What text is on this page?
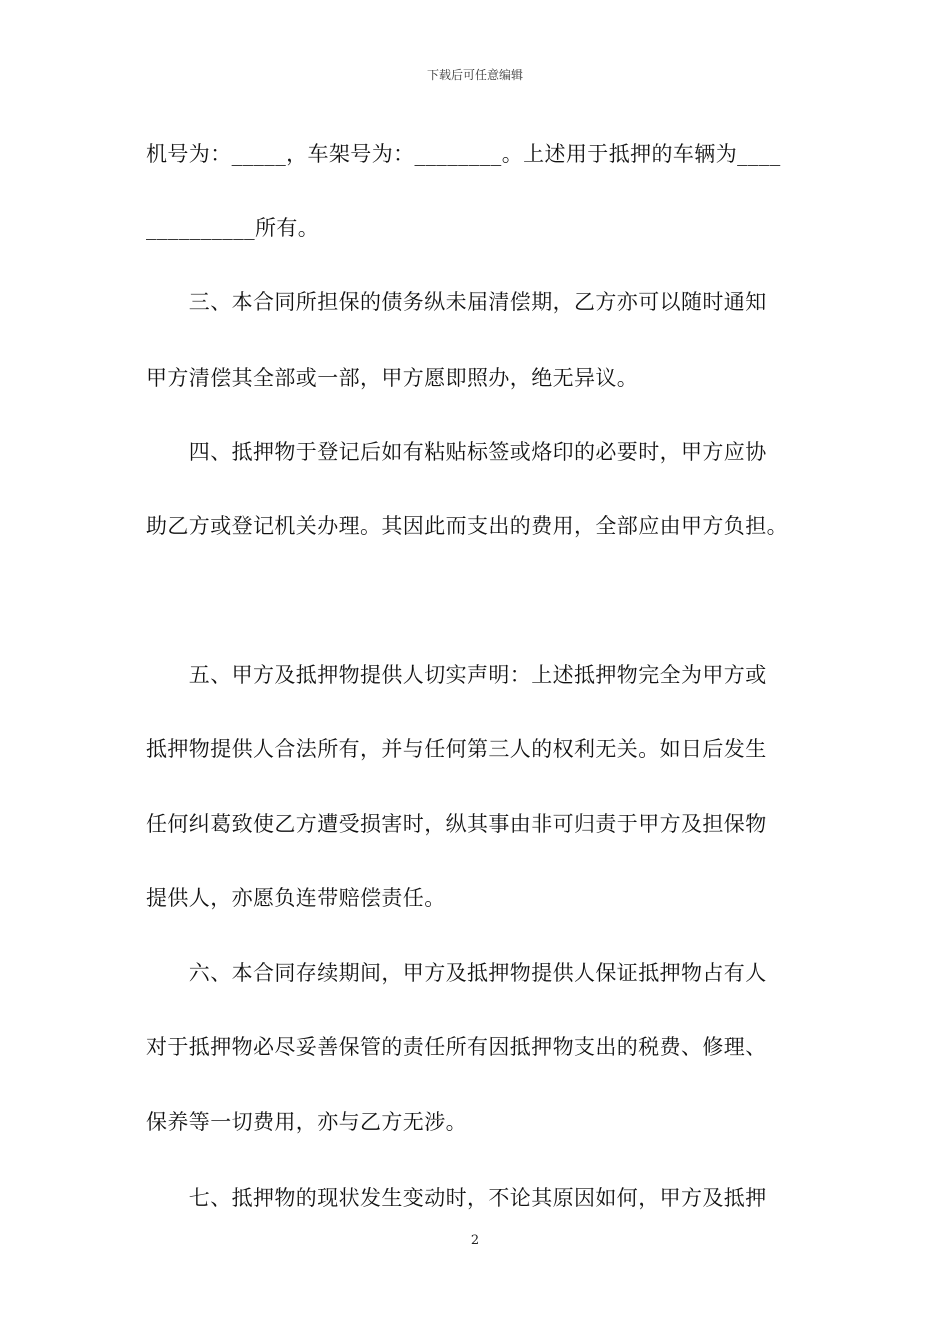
下载后可任意编辑
机号为：_____，车架号为：________。上述用于抵押的车辆为____
__________所有。
　　三、本合同所担保的债务纵未届清偿期，乙方亦可以随时通知
甲方清偿其全部或一部，甲方愿即照办，绝无异议。
　　四、抵押物于登记后如有粘贴标签或烙印的必要时，甲方应协
助乙方或登记机关办理。其因此而支出的费用，全部应由甲方负担。
　　五、甲方及抵押物提供人切实声明：上述抵押物完全为甲方或
抵押物提供人合法所有，并与任何第三人的权利无关。如日后发生
任何纠葛致使乙方遭受损害时，纵其事由非可归责于甲方及担保物
提供人，亦愿负连带赔偿责任。
　　六、本合同存续期间，甲方及抵押物提供人保证抵押物占有人
对于抵押物必尽妥善保管的责任所有因抵押物支出的税费、修理、
保养等一切费用，亦与乙方无涉。
　　七、抵押物的现状发生变动时，不论其原因如何，甲方及抵押
2
